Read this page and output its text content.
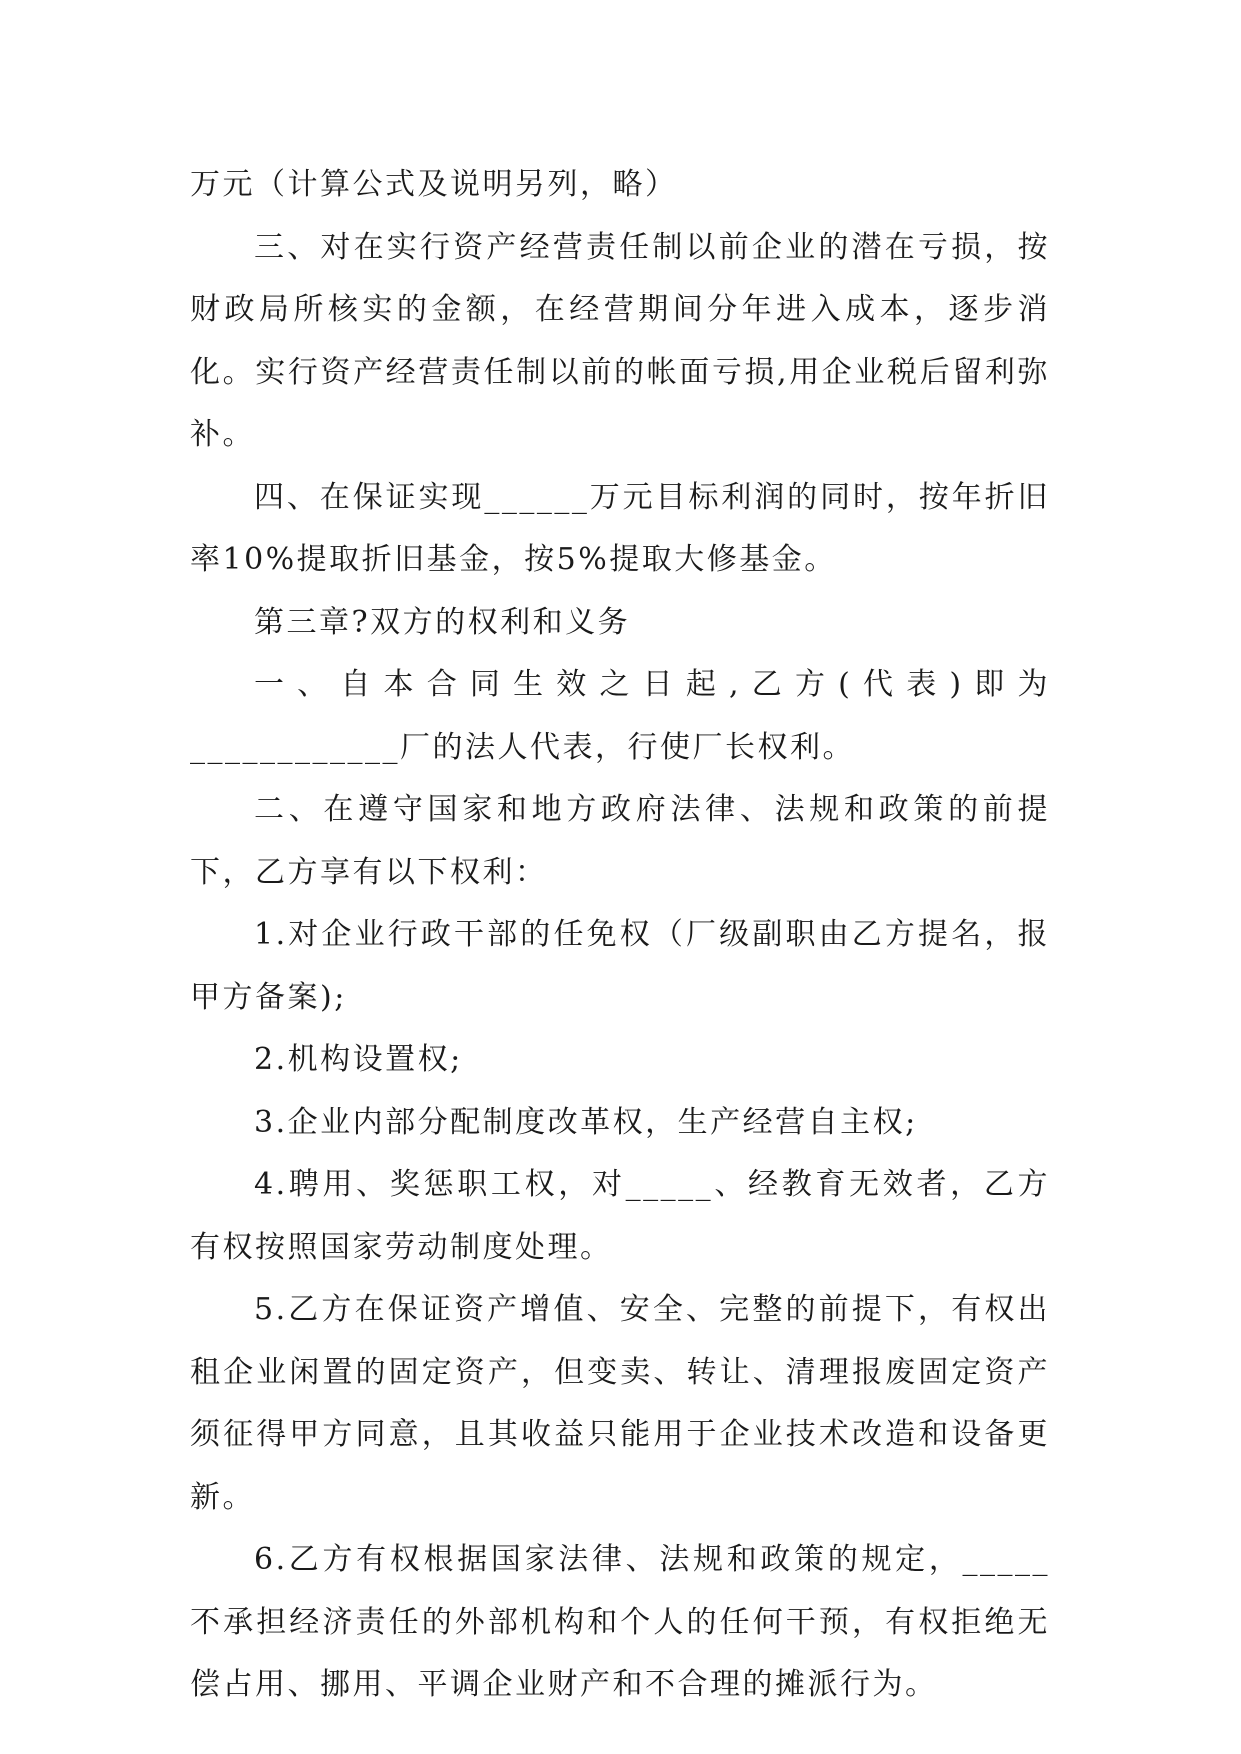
万元（计算公式及说明另列，略）

三、对在实行资产经营责任制以前企业的潜在亏损，按财政局所核实的金额，在经营期间分年进入成本，逐步消化。实行资产经营责任制以前的帐面亏损,用企业税后留利弥补。

四、在保证实现______万元目标利润的同时，按年折旧率10%提取折旧基金，按5%提取大修基金。

第三章?双方的权利和义务

一、自本合同生效之日起,乙方(代表)即为____________厂的法人代表，行使厂长权利。

二、在遵守国家和地方政府法律、法规和政策的前提下，乙方享有以下权利：

1.对企业行政干部的任免权（厂级副职由乙方提名，报甲方备案);

2.机构设置权;

3.企业内部分配制度改革权，生产经营自主权;

4.聘用、奖惩职工权，对_____、经教育无效者，乙方有权按照国家劳动制度处理。

5.乙方在保证资产增值、安全、完整的前提下，有权出租企业闲置的固定资产，但变卖、转让、清理报废固定资产须征得甲方同意，且其收益只能用于企业技术改造和设备更新。

6.乙方有权根据国家法律、法规和政策的规定，_____不承担经济责任的外部机构和个人的任何干预，有权拒绝无偿占用、挪用、平调企业财产和不合理的摊派行为。
